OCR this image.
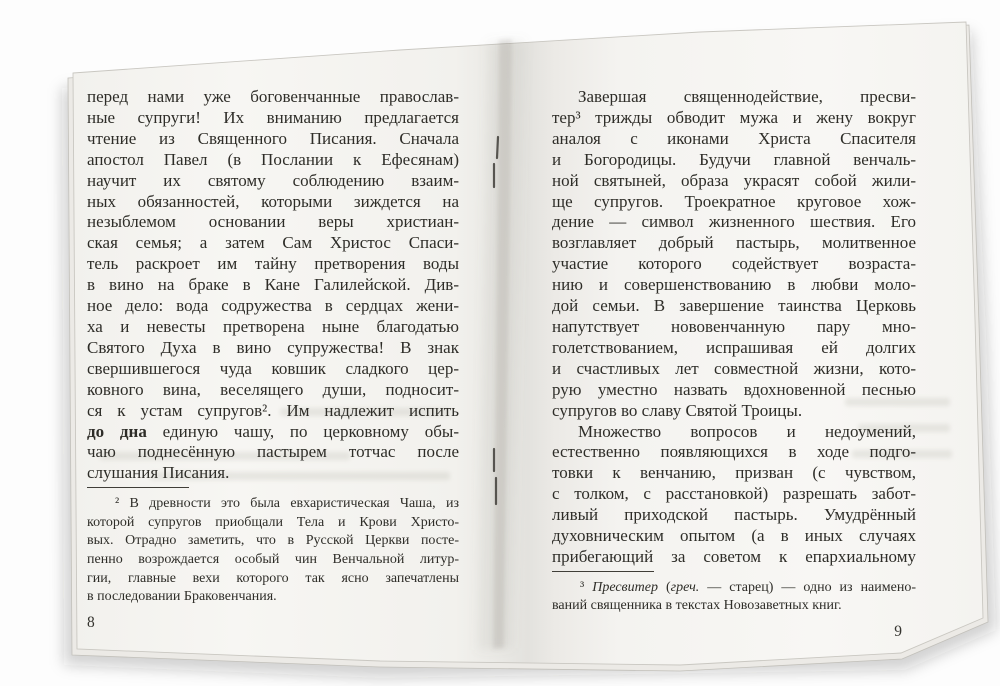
перед нами уже боговенчанные православ-
ные супруги! Их вниманию предлагается
чтение из Священного Писания. Сначала
апостол Павел (в Послании к Ефесянам)
научит их святому соблюдению взаим-
ных обязанностей, которыми зиждется на
незыблемом основании веры христиан-
ская семья; а затем Сам Христос Спаси-
тель раскроет им тайну претворения воды
в вино на браке в Кане Галилейской. Див-
ное дело: вода содружества в сердцах жени-
ха и невесты претворена ныне благодатью
Святого Духа в вино супружества! В знак
свершившегося чуда ковшик сладкого цер-
ковного вина, веселящего души, подносит-
ся к устам супругов². Им надлежит испить
до дна единую чашу, по церковному обы-
чаю поднесённую пастырем тотчас после
слушания Писания.
² В древности это была евхаристическая Чаша, из
которой супругов приобщали Тела и Крови Христо-
вых. Отрадно заметить, что в Русской Церкви посте-
пенно возрождается особый чин Венчальной литур-
гии, главные вехи которого так ясно запечатлены
в последовании Браковенчания.
8
Завершая священнодействие, пресви-
тер³ трижды обводит мужа и жену вокруг
аналоя с иконами Христа Спасителя
и Богородицы. Будучи главной венчаль-
ной святыней, образа украсят собой жили-
ще супругов. Троекратное круговое хож-
дение — символ жизненного шествия. Его
возглавляет добрый пастырь, молитвенное
участие которого содействует возраста-
нию и совершенствованию в любви моло-
дой семьи. В завершение таинства Церковь
напутствует нововенчанную пару мно-
голетствованием, испрашивая ей долгих
и счастливых лет совместной жизни, кото-
рую уместно назвать вдохновенной песнью
супругов во славу Святой Троицы.
Множество вопросов и недоумений,
естественно появляющихся в ходе подго-
товки к венчанию, призван (с чувством,
с толком, с расстановкой) разрешать забот-
ливый приходской пастырь. Умудрённый
духовническим опытом (а в иных случаях
прибегающий за советом к епархиальному
³ Пресвитер (греч. — старец) — одно из наимено-
ваний священника в текстах Новозаветных книг.
9
